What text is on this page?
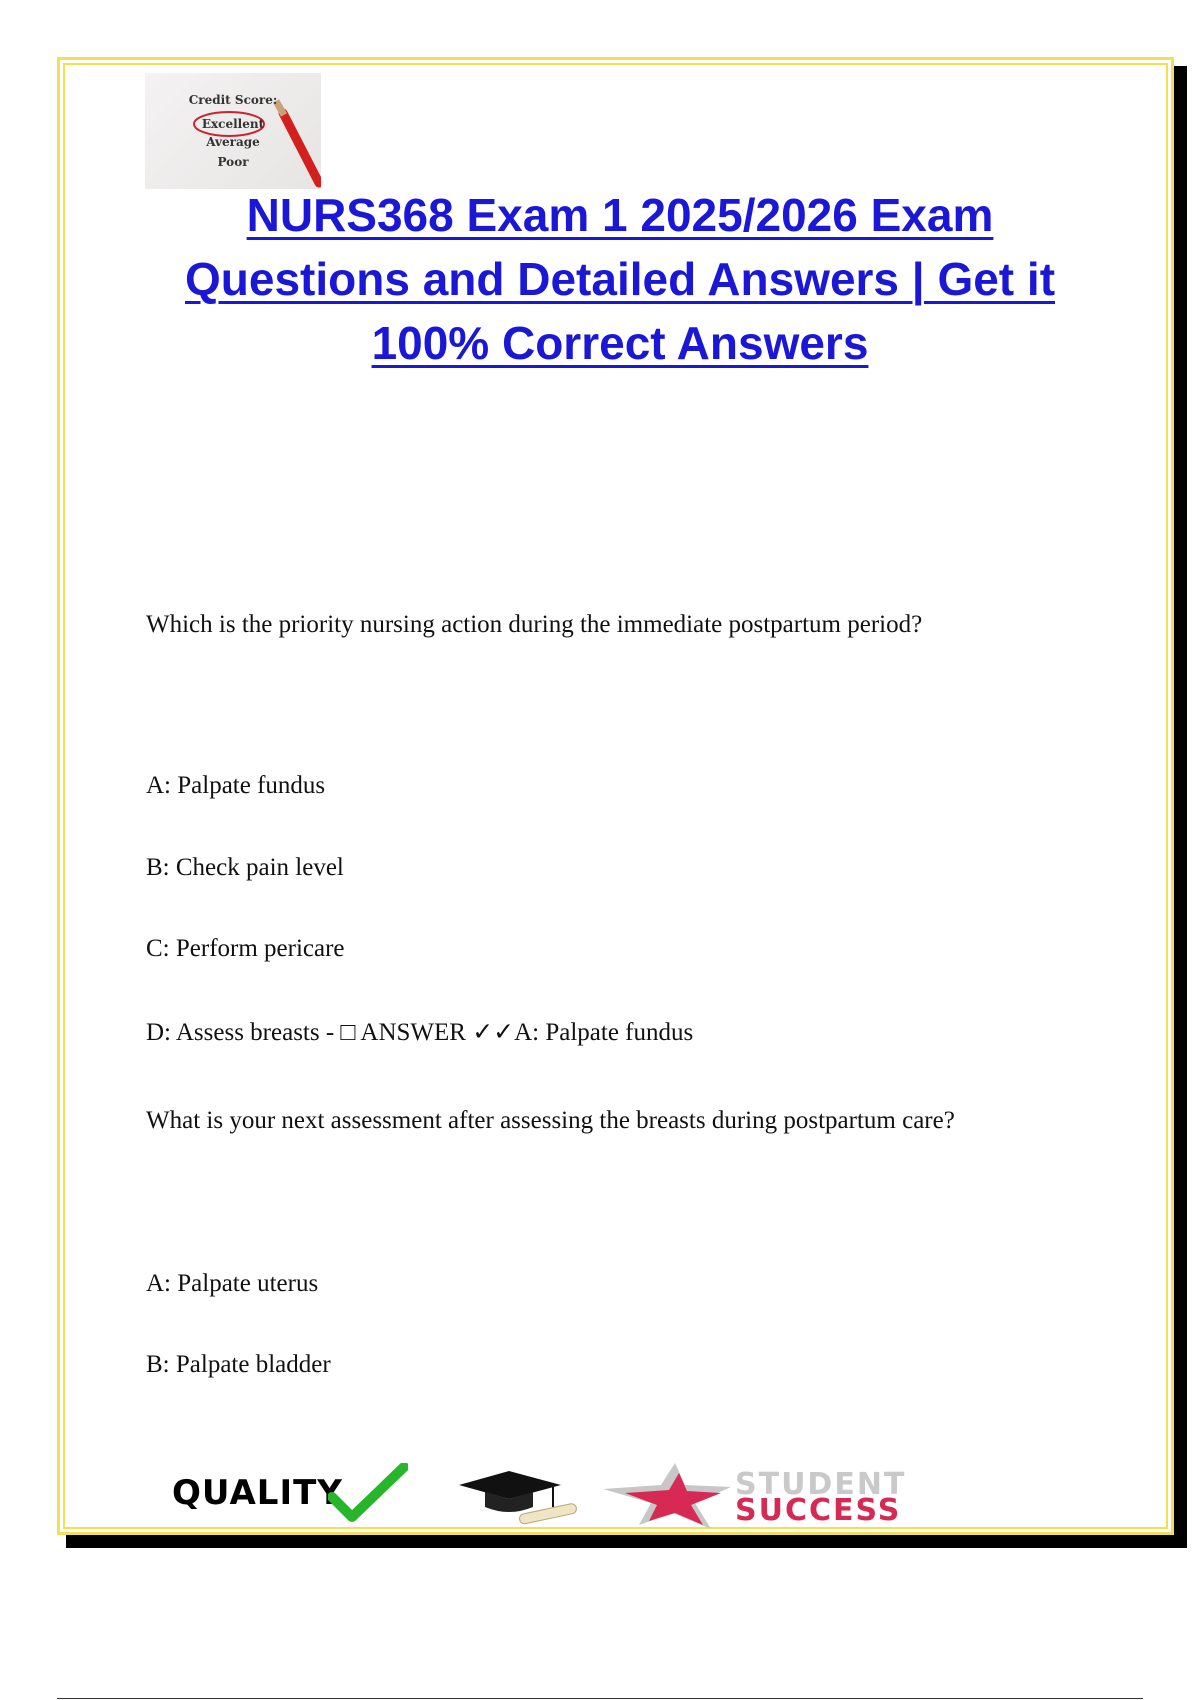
Credit Score:
Excellent
Average
Poor
NURS368 Exam 1 2025/2026 Exam Questions and Detailed Answers | Get it 100% Correct Answers

Which is the priority nursing action during the immediate postpartum period?

A: Palpate fundus

B: Check pain level

C: Perform pericare

D: Assess breasts - □ ANSWER ✓✓A: Palpate fundus

What is your next assessment after assessing the breasts during postpartum care?

A: Palpate uterus

B: Palpate bladder

QUALITY	STUDENT
SUCCESS
